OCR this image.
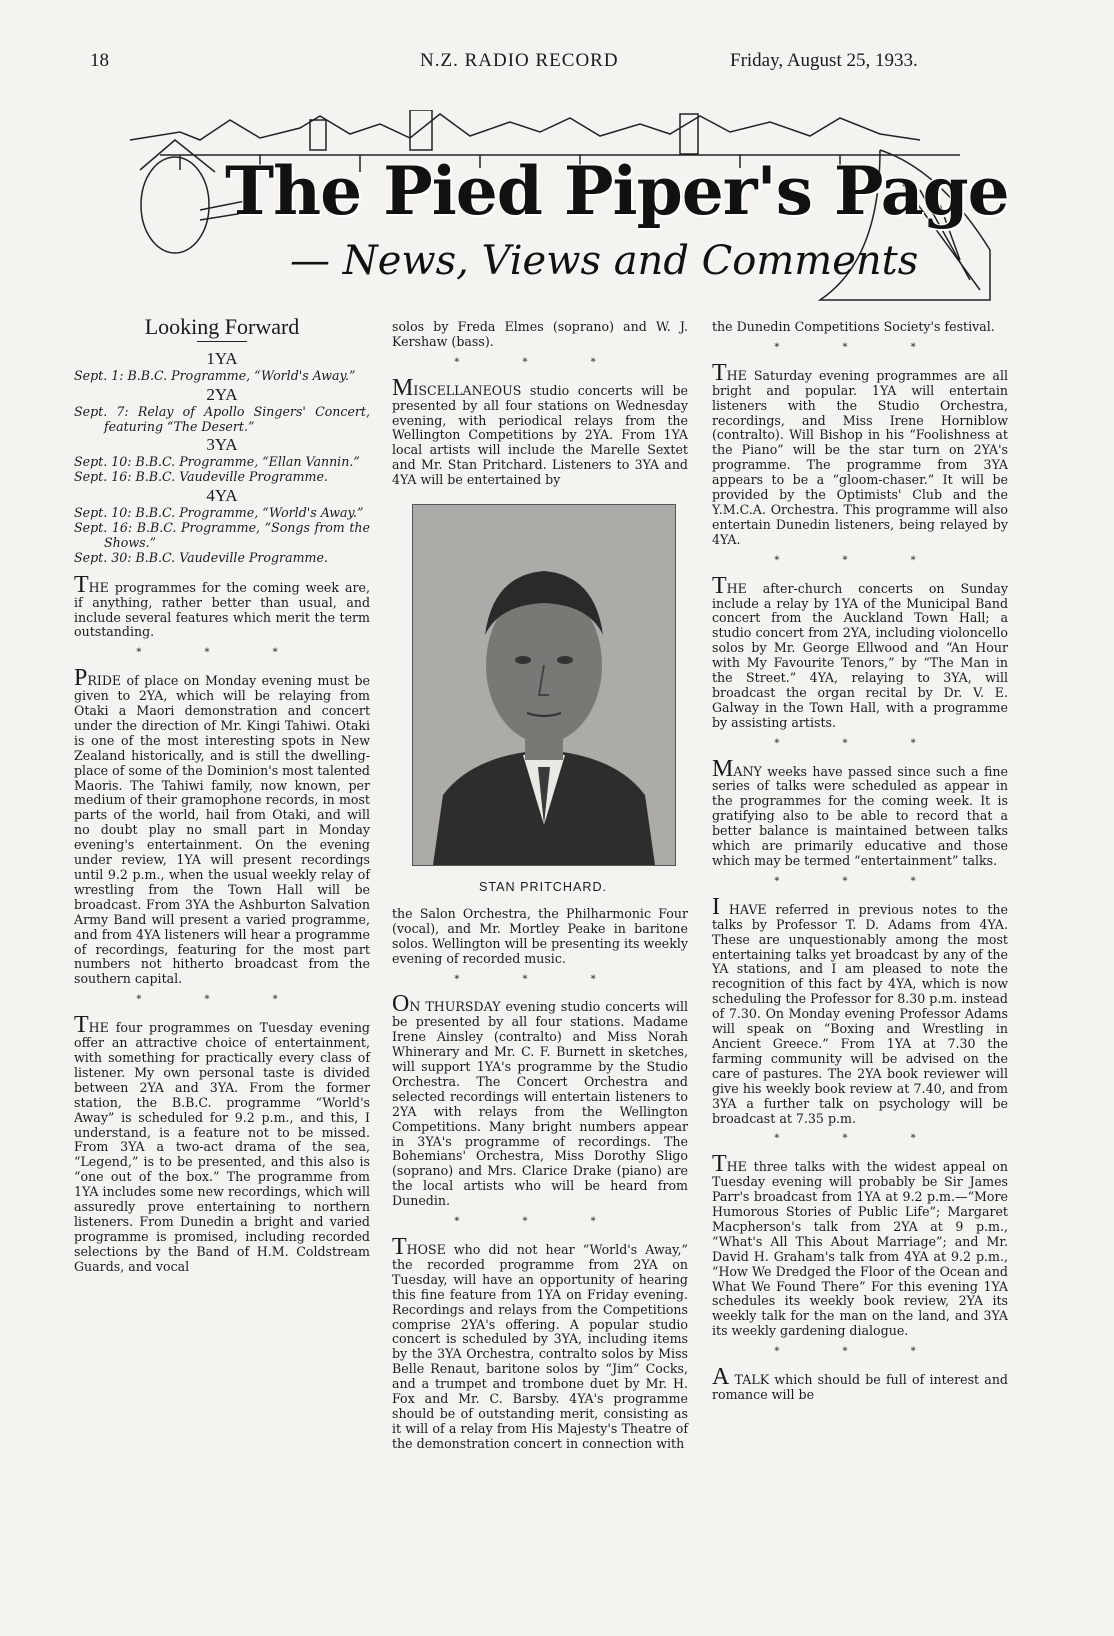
18	N.Z. RADIO RECORD	Friday, August 25, 1933.
The Pied Piper's Page
— News, Views and Comments
Looking Forward
1YA

Sept. 1: B.B.C. Programme, “World's Away.”

2YA

Sept. 7: Relay of Apollo Singers' Concert, featuring “The Desert.”

3YA

Sept. 10: B.B.C. Programme, “Ellan Vannin.”

Sept. 16: B.B.C. Vaudeville Programme.

4YA

Sept. 10: B.B.C. Programme, “World's Away.”

Sept. 16: B.B.C. Programme, “Songs from the Shows.”

Sept. 30: B.B.C. Vaudeville Programme.

THE programmes for the coming week are, if anything, rather better than usual, and include several features which merit the term outstanding.

* * *

PRIDE of place on Monday evening must be given to 2YA, which will be relaying from Otaki a Maori demonstration and concert under the direction of Mr. Kingi Tahiwi. Otaki is one of the most interesting spots in New Zealand historically, and is still the dwelling-place of some of the Dominion's most talented Maoris. The Tahiwi family, now known, per medium of their gramophone records, in most parts of the world, hail from Otaki, and will no doubt play no small part in Monday evening's entertainment. On the evening under review, 1YA will present recordings until 9.2 p.m., when the usual weekly relay of wrestling from the Town Hall will be broadcast. From 3YA the Ashburton Salvation Army Band will present a varied programme, and from 4YA listeners will hear a programme of recordings, featuring for the most part numbers not hitherto broadcast from the southern capital.

* * *

THE four programmes on Tuesday evening offer an attractive choice of entertainment, with something for practically every class of listener. My own personal taste is divided between 2YA and 3YA. From the former station, the B.B.C. programme “World's Away” is scheduled for 9.2 p.m., and this, I understand, is a feature not to be missed. From 3YA a two-act drama of the sea, “Legend,” is to be presented, and this also is “one out of the box.” The programme from 1YA includes some new recordings, which will assuredly prove entertaining to northern listeners. From Dunedin a bright and varied programme is promised, including recorded selections by the Band of H.M. Coldstream Guards, and vocal

solos by Freda Elmes (soprano) and W. J. Kershaw (bass).

* * *

MISCELLANEOUS studio concerts will be presented by all four stations on Wednesday evening, with periodical relays from the Wellington Competitions by 2YA. From 1YA local artists will include the Marelle Sextet and Mr. Stan Pritchard. Listeners to 3YA and 4YA will be entertained by

STAN PRITCHARD.

the Salon Orchestra, the Philharmonic Four (vocal), and Mr. Mortley Peake in baritone solos. Wellington will be presenting its weekly evening of recorded music.

* * *

ON THURSDAY evening studio concerts will be presented by all four stations. Madame Irene Ainsley (contralto) and Miss Norah Whinerary and Mr. C. F. Burnett in sketches, will support 1YA's programme by the Studio Orchestra. The Concert Orchestra and selected recordings will entertain listeners to 2YA with relays from the Wellington Competitions. Many bright numbers appear in 3YA's programme of recordings. The Bohemians' Orchestra, Miss Dorothy Sligo (soprano) and Mrs. Clarice Drake (piano) are the local artists who will be heard from Dunedin.

* * *

THOSE who did not hear “World's Away,” the recorded programme from 2YA on Tuesday, will have an opportunity of hearing this fine feature from 1YA on Friday evening. Recordings and relays from the Competitions comprise 2YA's offering. A popular studio concert is scheduled by 3YA, including items by the 3YA Orchestra, contralto solos by Miss Belle Renaut, baritone solos by “Jim” Cocks, and a trumpet and trombone duet by Mr. H. Fox and Mr. C. Barsby. 4YA's programme should be of outstanding merit, consisting as it will of a relay from His Majesty's Theatre of the demonstration concert in connection with

the Dunedin Competitions Society's festival.

* * *

THE Saturday evening programmes are all bright and popular. 1YA will entertain listeners with the Studio Orchestra, recordings, and Miss Irene Horniblow (contralto). Will Bishop in his “Foolishness at the Piano” will be the star turn on 2YA's programme. The programme from 3YA appears to be a “gloom-chaser.” It will be provided by the Optimists' Club and the Y.M.C.A. Orchestra. This programme will also entertain Dunedin listeners, being relayed by 4YA.

* * *

THE after-church concerts on Sunday include a relay by 1YA of the Municipal Band concert from the Auckland Town Hall; a studio concert from 2YA, including violoncello solos by Mr. George Ellwood and “An Hour with My Favourite Tenors,” by “The Man in the Street.” 4YA, relaying to 3YA, will broadcast the organ recital by Dr. V. E. Galway in the Town Hall, with a programme by assisting artists.

* * *

MANY weeks have passed since such a fine series of talks were scheduled as appear in the programmes for the coming week. It is gratifying also to be able to record that a better balance is maintained between talks which are primarily educative and those which may be termed “entertainment” talks.

* * *

I HAVE referred in previous notes to the talks by Professor T. D. Adams from 4YA. These are unquestionably among the most entertaining talks yet broadcast by any of the YA stations, and I am pleased to note the recognition of this fact by 4YA, which is now scheduling the Professor for 8.30 p.m. instead of 7.30. On Monday evening Professor Adams will speak on “Boxing and Wrestling in Ancient Greece.” From 1YA at 7.30 the farming community will be advised on the care of pastures. The 2YA book reviewer will give his weekly book review at 7.40, and from 3YA a further talk on psychology will be broadcast at 7.35 p.m.

* * *

THE three talks with the widest appeal on Tuesday evening will probably be Sir James Parr's broadcast from 1YA at 9.2 p.m.—“More Humorous Stories of Public Life”; Margaret Macpherson's talk from 2YA at 9 p.m., “What's All This About Marriage”; and Mr. David H. Graham's talk from 4YA at 9.2 p.m., “How We Dredged the Floor of the Ocean and What We Found There” For this evening 1YA schedules its weekly book review, 2YA its weekly talk for the man on the land, and 3YA its weekly gardening dialogue.

* * *

A TALK which should be full of interest and romance will be
